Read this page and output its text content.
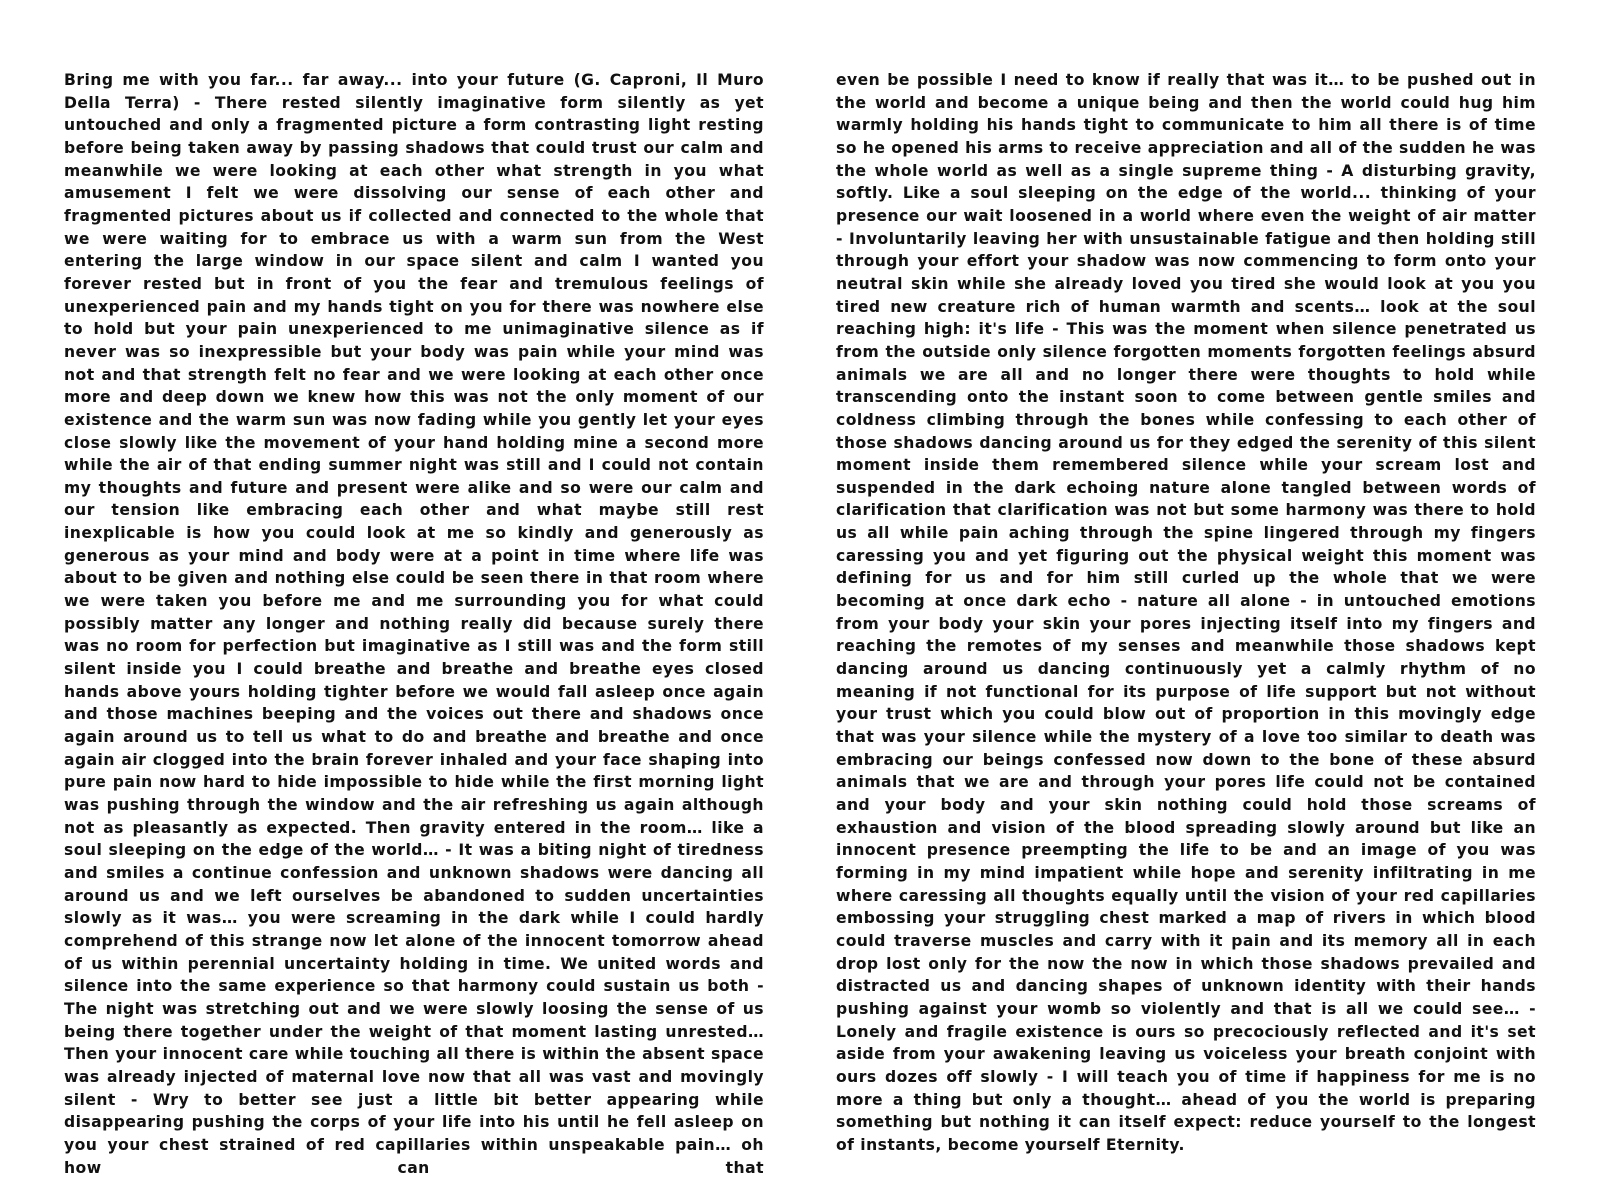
Bring me with you far... far away... into your future (G. Caproni, Il Muro Della Terra) - There rested silently imaginative form silently as yet untouched and only a fragmented picture a form contrasting light resting before being taken away by passing shadows that could trust our calm and meanwhile we were looking at each other what strength in you what amusement I felt we were dissolving our sense of each other and fragmented pictures about us if collected and connected to the whole that we were waiting for to embrace us with a warm sun from the West entering the large window in our space silent and calm I wanted you forever rested but in front of you the fear and tremulous feelings of unexperienced pain and my hands tight on you for there was nowhere else to hold but your pain unexperienced to me unimaginative silence as if never was so inexpressible but your body was pain while your mind was not and that strength felt no fear and we were looking at each other once more and deep down we knew how this was not the only moment of our existence and the warm sun was now fading while you gently let your eyes close slowly like the movement of your hand holding mine a second more while the air of that ending summer night was still and I could not contain my thoughts and future and present were alike and so were our calm and our tension like embracing each other and what maybe still rest inexplicable is how you could look at me so kindly and generously as generous as your mind and body were at a point in time where life was about to be given and nothing else could be seen there in that room where we were taken you before me and me surrounding you for what could possibly matter any longer and nothing really did because surely there was no room for perfection but imaginative as I still was and the form still silent inside you I could breathe and breathe and breathe eyes closed hands above yours holding tighter before we would fall asleep once again and those machines beeping and the voices out there and shadows once again around us to tell us what to do and breathe and breathe and once again air clogged into the brain forever inhaled and your face shaping into pure pain now hard to hide impossible to hide while the first morning light was pushing through the window and the air refreshing us again although not as pleasantly as expected. Then gravity entered in the room… like a soul sleeping on the edge of the world… - It was a biting night of tiredness and smiles a continue confession and unknown shadows were dancing all around us and we left ourselves be abandoned to sudden uncertainties slowly as it was… you were screaming in the dark while I could hardly comprehend of this strange now let alone of the innocent tomorrow ahead of us within perennial uncertainty holding in time. We united words and silence into the same experience so that harmony could sustain us both - The night was stretching out and we were slowly loosing the sense of us being there together under the weight of that moment lasting unrested… Then your innocent care while touching all there is within the absent space was already injected of maternal love now that all was vast and movingly silent - Wry to better see just a little bit better appearing while disappearing pushing the corps of your life into his until he fell asleep on you your chest strained of red capillaries within unspeakable pain… oh how can that
even be possible I need to know if really that was it… to be pushed out in the world and become a unique being and then the world could hug him warmly holding his hands tight to communicate to him all there is of time so he opened his arms to receive appreciation and all of the sudden he was the whole world as well as a single supreme thing - A disturbing gravity, softly. Like a soul sleeping on the edge of the world... thinking of your presence our wait loosened in a world where even the weight of air matter - Involuntarily leaving her with unsustainable fatigue and then holding still through your effort your shadow was now commencing to form onto your neutral skin while she already loved you tired she would look at you you tired new creature rich of human warmth and scents… look at the soul reaching high: it's life - This was the moment when silence penetrated us from the outside only silence forgotten moments forgotten feelings absurd animals we are all and no longer there were thoughts to hold while transcending onto the instant soon to come between gentle smiles and coldness climbing through the bones while confessing to each other of those shadows dancing around us for they edged the serenity of this silent moment inside them remembered silence while your scream lost and suspended in the dark echoing nature alone tangled between words of clarification that clarification was not but some harmony was there to hold us all while pain aching through the spine lingered through my fingers caressing you and yet figuring out the physical weight this moment was defining for us and for him still curled up the whole that we were becoming at once dark echo - nature all alone - in untouched emotions from your body your skin your pores injecting itself into my fingers and reaching the remotes of my senses and meanwhile those shadows kept dancing around us dancing continuously yet a calmly rhythm of no meaning if not functional for its purpose of life support but not without your trust which you could blow out of proportion in this movingly edge that was your silence while the mystery of a love too similar to death was embracing our beings confessed now down to the bone of these absurd animals that we are and through your pores life could not be contained and your body and your skin nothing could hold those screams of exhaustion and vision of the blood spreading slowly around but like an innocent presence preempting the life to be and an image of you was forming in my mind impatient while hope and serenity infiltrating in me where caressing all thoughts equally until the vision of your red capillaries embossing your struggling chest marked a map of rivers in which blood could traverse muscles and carry with it pain and its memory all in each drop lost only for the now the now in which those shadows prevailed and distracted us and dancing shapes of unknown identity with their hands pushing against your womb so violently and that is all we could see… - Lonely and fragile existence is ours so precociously reflected and it's set aside from your awakening leaving us voiceless your breath conjoint with ours dozes off slowly - I will teach you of time if happiness for me is no more a thing but only a thought… ahead of you the world is preparing something but nothing it can itself expect: reduce yourself to the longest of instants, become yourself Eternity.
